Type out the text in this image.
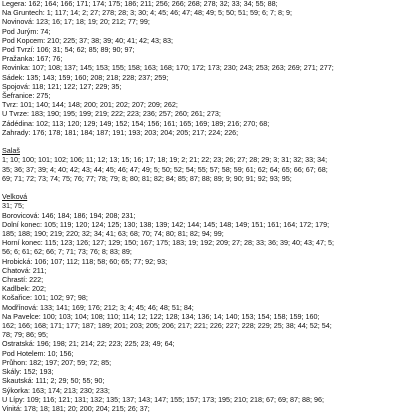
Legera: 162; 164; 166; 171; 174; 175; 186; 211; 256; 266; 268; 278; 32; 33; 34; 55; 88;
Na Gruntech: 1; 117; 14; 2; 27; 278; 28; 3; 30; 4; 45; 46; 47; 48; 49; 5; 50; 51; 59; 6; 7; 8; 9;
Novinová: 123; 16; 17; 18; 19; 20; 212; 77; 99;
Pod Jurým: 74;
Pod Kopcem: 210; 225; 37; 38; 39; 40; 41; 42; 43; 83;
Pod Tvrzí: 106; 31; 54; 62; 85; 89; 90; 97;
Pražanka: 167; 76;
Rovinka: 107; 108; 137; 145; 153; 155; 158; 163; 168; 170; 172; 173; 230; 243; 253; 263; 269; 271; 277;
Sádek: 135; 143; 159; 160; 208; 218; 228; 237; 259;
Spojová: 118; 121; 122; 127; 229; 35;
Šefranice: 275;
Tvrz: 101; 140; 144; 148; 200; 201; 202; 207; 209; 262;
U Tvrze: 183; 190; 195; 199; 219; 222; 223; 236; 257; 260; 261; 273;
Zádédina: 102; 113; 120; 129; 149; 152; 154; 156; 161; 165; 169; 189; 216; 270; 68;
Zahrady: 176; 178; 181; 184; 187; 191; 193; 203; 204; 205; 217; 224; 226;
Salaš
1; 10; 100; 101; 102; 106; 11; 12; 13; 15; 16; 17; 18; 19; 2; 21; 22; 23; 26; 27; 28; 29; 3; 31; 32; 33; 34;
35; 36; 37; 39; 4; 40; 42; 43; 44; 45; 46; 47; 49; 5; 50; 52; 54; 55; 57; 58; 59; 61; 62; 64; 65; 66; 67; 68;
69; 71; 72; 73; 74; 75; 76; 77; 78; 79; 8; 80; 81; 82; 84; 85; 87; 88; 89; 9; 90; 91; 92; 93; 95;
Velková
31; 75;
Borovicová: 146; 184; 186; 194; 208; 231;
Dolní konec: 105; 119; 120; 124; 125; 130; 138; 139; 142; 144; 145; 148; 149; 151; 161; 164; 172; 179;
185; 188; 190; 219; 220; 32; 34; 41; 63; 68; 70; 74; 80; 81; 82; 94; 99;
Horní konec: 115; 123; 126; 127; 129; 150; 167; 175; 183; 19; 192; 209; 27; 28; 33; 36; 39; 40; 43; 47; 5;
56; 6; 61; 62; 66; 7; 71; 73; 76; 8; 83; 89;
Hrobická: 106; 107; 112; 118; 58; 60; 65; 77; 92; 93;
Chatová: 211;
Chrastí: 222;
Kadlbek: 202;
Košařice: 101; 102; 97; 98;
Modřínová: 133; 141; 169; 176; 212; 3; 4; 45; 46; 48; 51; 84;
Na Pavelce: 100; 103; 104; 108; 110; 114; 12; 122; 128; 134; 136; 14; 140; 153; 154; 158; 159; 160;
162; 166; 168; 171; 177; 187; 189; 201; 203; 205; 206; 217; 221; 226; 227; 228; 229; 25; 38; 44; 52; 54;
78; 79; 86; 95;
Ostratská: 196; 198; 21; 214; 22; 223; 225; 23; 49; 64;
Pod Hotelem: 10; 156;
Průhon: 182; 197; 207; 59; 72; 85;
Skály: 152; 193;
Skautská: 111; 2; 29; 50; 55; 90;
Sýkorka: 163; 174; 213; 230; 233;
U Lípy: 109; 116; 121; 131; 132; 135; 137; 143; 147; 155; 157; 173; 195; 210; 218; 67; 69; 87; 88; 96;
Vinitá: 178; 18; 181; 20; 200; 204; 215; 26; 37;
